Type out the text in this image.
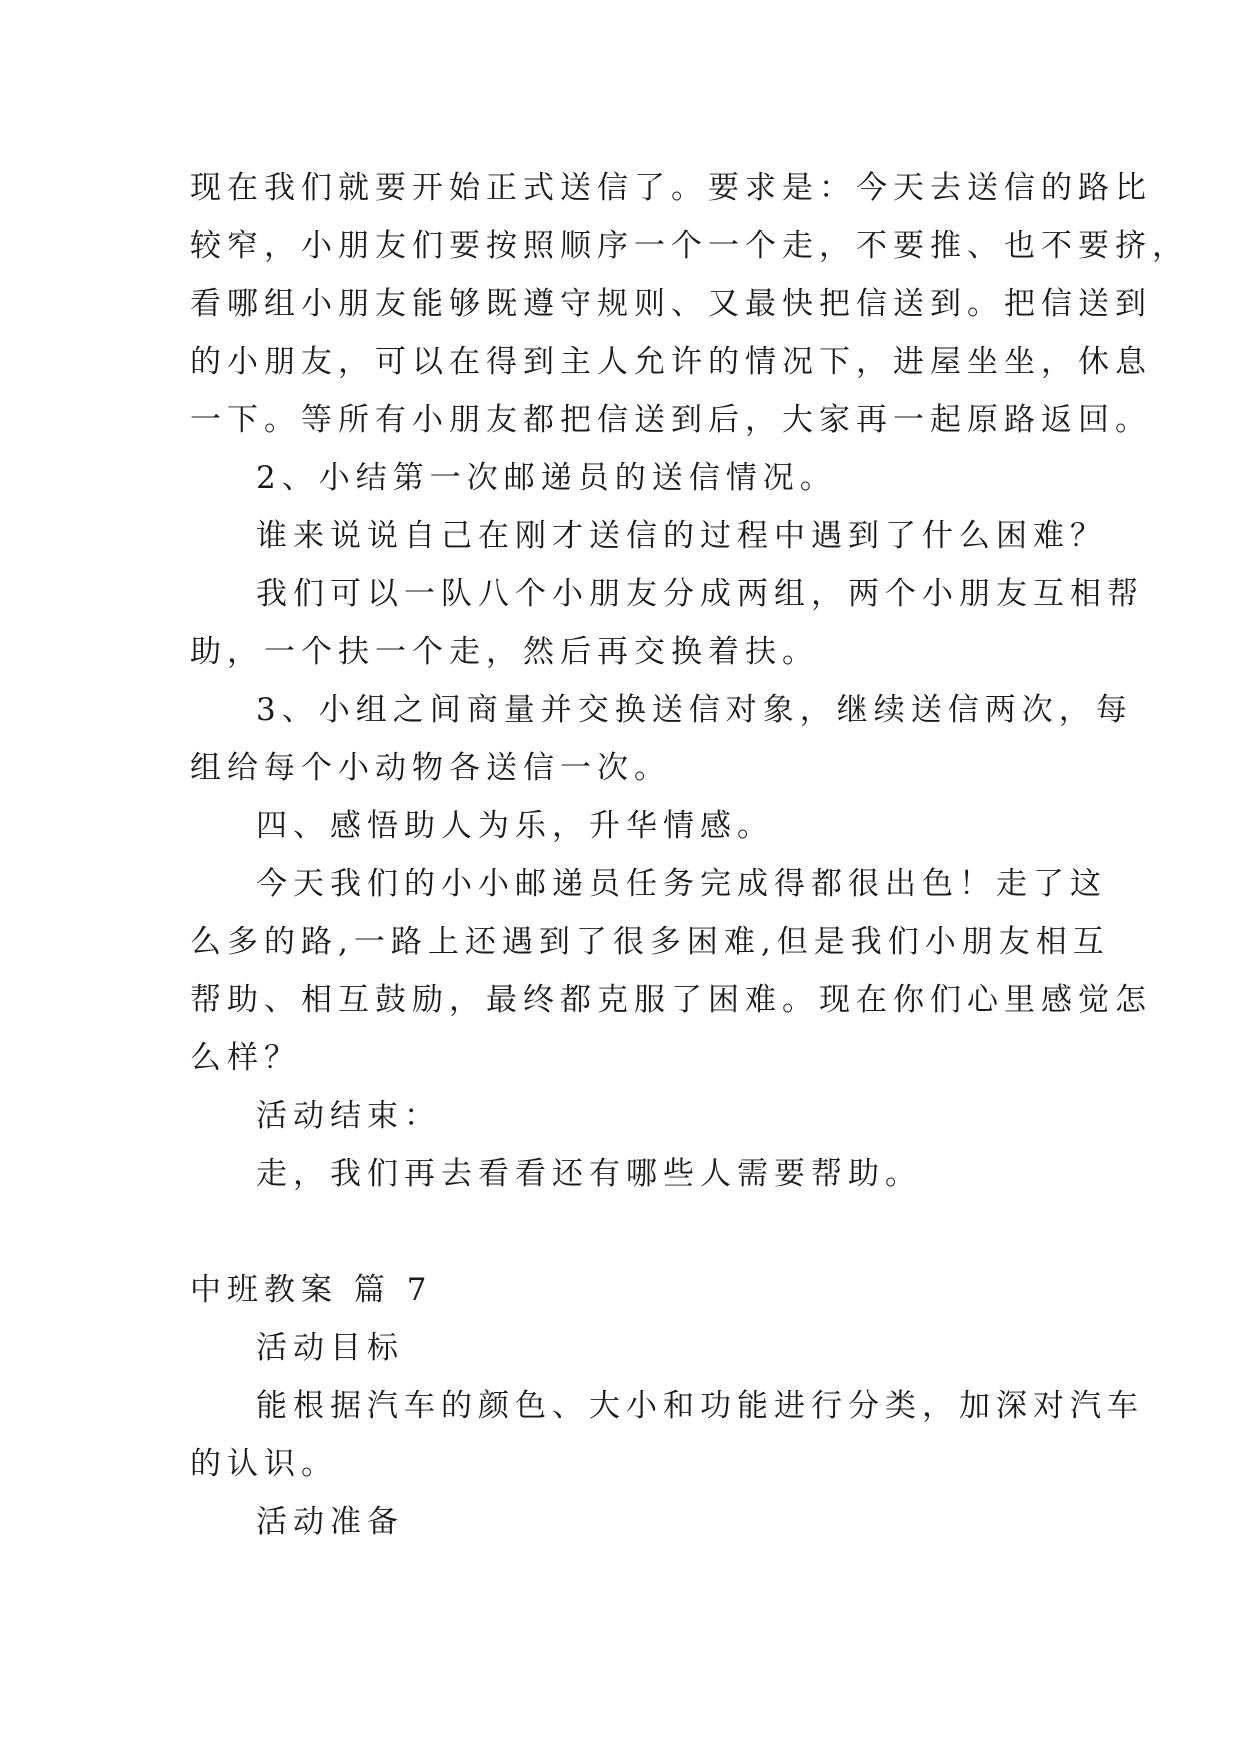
现在我们就要开始正式送信了。要求是：今天去送信的路比
较窄，小朋友们要按照顺序一个一个走，不要推、也不要挤，
看哪组小朋友能够既遵守规则、又最快把信送到。把信送到
的小朋友，可以在得到主人允许的情况下，进屋坐坐，休息
一下。等所有小朋友都把信送到后，大家再一起原路返回。
2、小结第一次邮递员的送信情况。
谁来说说自己在刚才送信的过程中遇到了什么困难？
我们可以一队八个小朋友分成两组，两个小朋友互相帮
助，一个扶一个走，然后再交换着扶。
3、小组之间商量并交换送信对象，继续送信两次，每
组给每个小动物各送信一次。
四、感悟助人为乐，升华情感。
今天我们的小小邮递员任务完成得都很出色！走了这
么多的路,一路上还遇到了很多困难,但是我们小朋友相互
帮助、相互鼓励，最终都克服了困难。现在你们心里感觉怎
么样？
活动结束：
走，我们再去看看还有哪些人需要帮助。
中班教案 篇 7
活动目标
能根据汽车的颜色、大小和功能进行分类，加深对汽车
的认识。
活动准备
